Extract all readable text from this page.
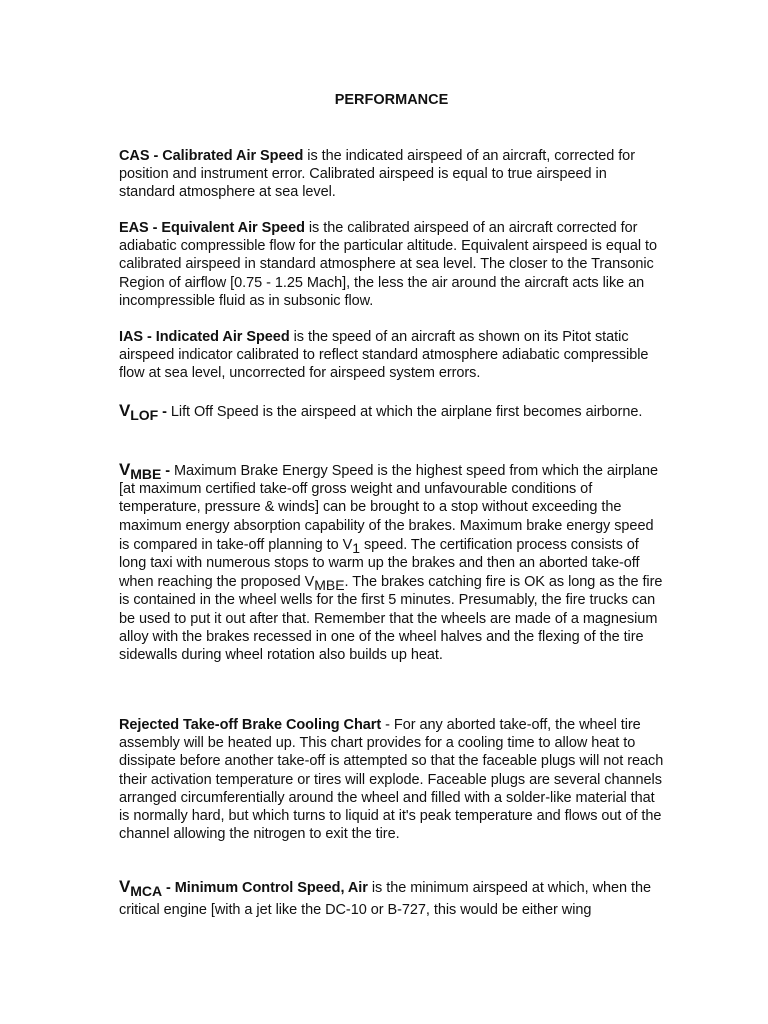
PERFORMANCE

CAS - Calibrated Air Speed is the indicated airspeed of an aircraft, corrected for position and instrument error. Calibrated airspeed is equal to true airspeed in standard atmosphere at sea level.

EAS - Equivalent Air Speed is the calibrated airspeed of an aircraft corrected for adiabatic compressible flow for the particular altitude. Equivalent airspeed is equal to calibrated airspeed in standard atmosphere at sea level. The closer to the Transonic Region of airflow [0.75 - 1.25 Mach], the less the air around the aircraft acts like an incompressible fluid as in subsonic flow.

IAS - Indicated Air Speed is the speed of an aircraft as shown on its Pitot static airspeed indicator calibrated to reflect standard atmosphere adiabatic compressible flow at sea level, uncorrected for airspeed system errors.

VLOF - Lift Off Speed is the airspeed at which the airplane first becomes airborne.

VMBE - Maximum Brake Energy Speed is the highest speed from which the airplane [at maximum certified take-off gross weight and unfavourable conditions of temperature, pressure & winds] can be brought to a stop without exceeding the maximum energy absorption capability of the brakes. Maximum brake energy speed is compared in take-off planning to V1 speed. The certification process consists of long taxi with numerous stops to warm up the brakes and then an aborted take-off when reaching the proposed VMBE. The brakes catching fire is OK as long as the fire is contained in the wheel wells for the first 5 minutes. Presumably, the fire trucks can be used to put it out after that. Remember that the wheels are made of a magnesium alloy with the brakes recessed in one of the wheel halves and the flexing of the tire sidewalls during wheel rotation also builds up heat.

Rejected Take-off Brake Cooling Chart - For any aborted take-off, the wheel tire assembly will be heated up. This chart provides for a cooling time to allow heat to dissipate before another take-off is attempted so that the faceable plugs will not reach their activation temperature or tires will explode. Faceable plugs are several channels arranged circumferentially around the wheel and filled with a solder-like material that is normally hard, but which turns to liquid at it's peak temperature and flows out of the channel allowing the nitrogen to exit the tire.

VMCA - Minimum Control Speed, Air is the minimum airspeed at which, when the critical engine [with a jet like the DC-10 or B-727, this would be either wing
